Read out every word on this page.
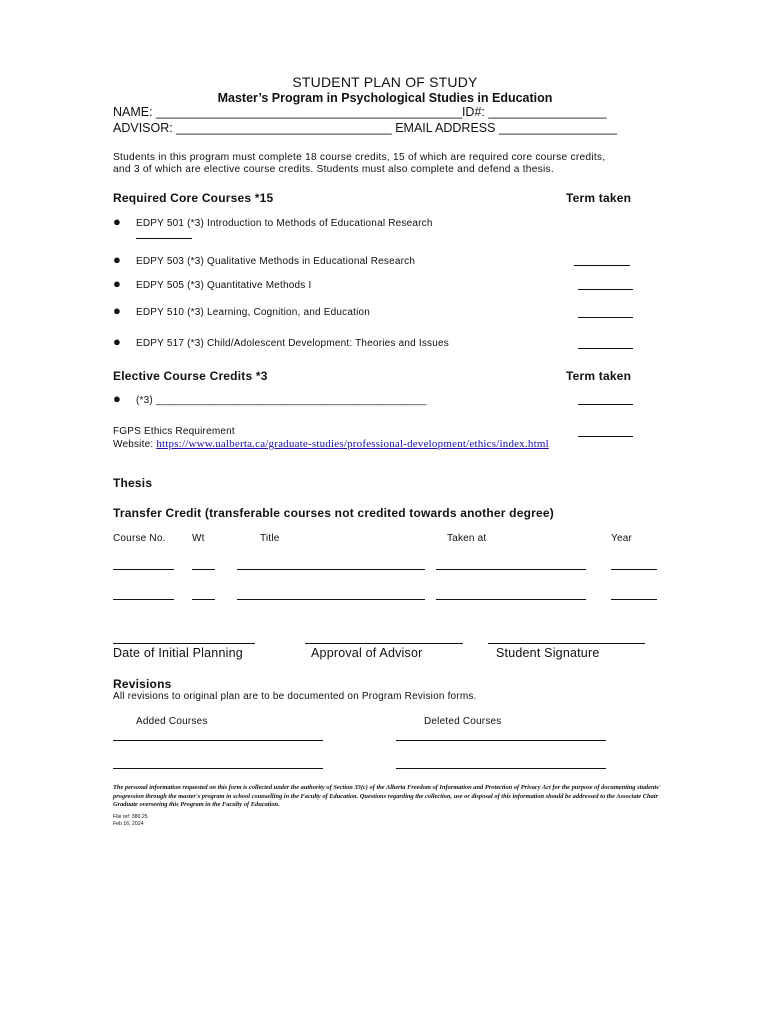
STUDENT PLAN OF STUDY
Master’s Program in Psychological Studies in Education
NAME: ____________________________________________ID#: _________________
ADVISOR: _______________________________ EMAIL ADDRESS _________________
Students in this program must complete 18 course credits, 15 of which are required core course credits,
and 3 of which are elective course credits. Students must also complete and defend a thesis.
Required Core Courses *15	Term taken
● EDPY 501 (*3) Introduction to Methods of Educational Research
● EDPY 503 (*3) Qualitative Methods in Educational Research
● EDPY 505 (*3) Quantitative Methods I
● EDPY 510 (*3) Learning, Cognition, and Education
● EDPY 517 (*3) Child/Adolescent Development: Theories and Issues
Elective Course Credits *3	Term taken
● (*3) _______________________________________________
FGPS Ethics Requirement
Website: https://www.ualberta.ca/graduate-studies/professional-development/ethics/index.html
Thesis
Transfer Credit (transferable courses not credited towards another degree)
Course No.	Wt	Title	Taken at	Year
Date of Initial Planning	Approval of Advisor	Student Signature
Revisions
All revisions to original plan are to be documented on Program Revision forms.
Added Courses	Deleted Courses
The personal information requested on this form is collected under the authority of Section 33(c) of the Alberta Freedom of Information and Protection of Privacy Act for the purpose of documenting students' progression through the master's program in school counselling in the Faculty of Education. Questions regarding the collection, use or disposal of this information should be addressed to the Associate Chair Graduate overseeing this Program in the Faculty of Education.
File ref: 380.25
Feb 16, 2024
